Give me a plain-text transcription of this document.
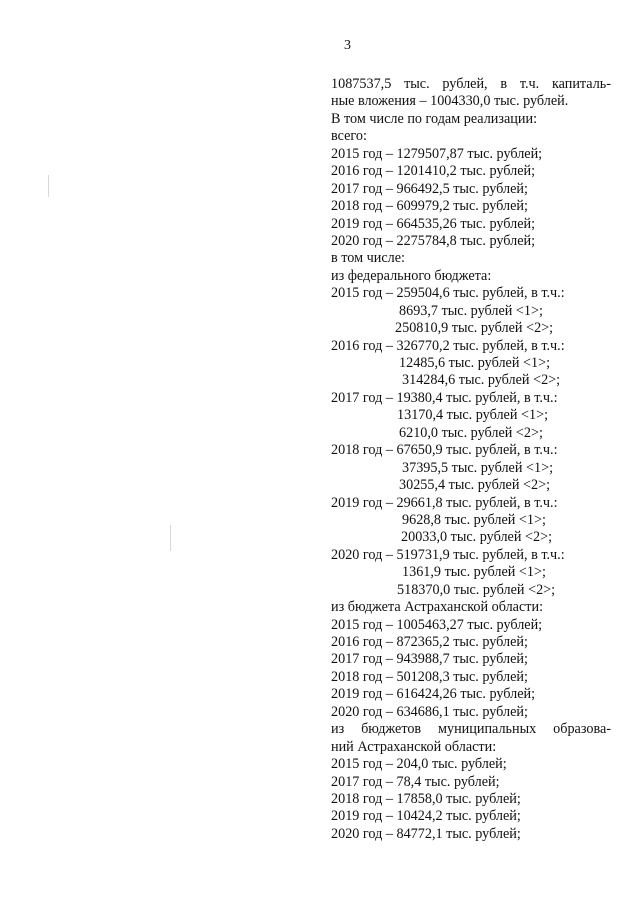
3
1087537,5 тыс. рублей, в т.ч. капиталь-
ные вложения – 1004330,0 тыс. рублей.
В том числе по годам реализации:
всего:
2015 год – 1279507,87 тыс. рублей;
2016 год – 1201410,2 тыс. рублей;
2017 год – 966492,5 тыс. рублей;
2018 год – 609979,2 тыс. рублей;
2019 год – 664535,26 тыс. рублей;
2020 год – 2275784,8 тыс. рублей;
в том числе:
из федерального бюджета:
2015 год – 259504,6 тыс. рублей, в т.ч.:
8693,7 тыс. рублей <1>;
250810,9 тыс. рублей <2>;
2016 год – 326770,2 тыс. рублей, в т.ч.:
12485,6 тыс. рублей <1>;
314284,6 тыс. рублей <2>;
2017 год – 19380,4 тыс. рублей, в т.ч.:
13170,4 тыс. рублей <1>;
6210,0 тыс. рублей <2>;
2018 год – 67650,9 тыс. рублей, в т.ч.:
37395,5 тыс. рублей <1>;
30255,4 тыс. рублей <2>;
2019 год – 29661,8 тыс. рублей, в т.ч.:
9628,8 тыс. рублей <1>;
20033,0 тыс. рублей <2>;
2020 год – 519731,9 тыс. рублей, в т.ч.:
1361,9 тыс. рублей <1>;
518370,0 тыс. рублей <2>;
из бюджета Астраханской области:
2015 год – 1005463,27 тыс. рублей;
2016 год – 872365,2 тыс. рублей;
2017 год – 943988,7 тыс. рублей;
2018 год – 501208,3 тыс. рублей;
2019 год – 616424,26 тыс. рублей;
2020 год – 634686,1 тыс. рублей;
из бюджетов муниципальных образова-
ний Астраханской области:
2015 год – 204,0 тыс. рублей;
2017 год – 78,4 тыс. рублей;
2018 год – 17858,0 тыс. рублей;
2019 год – 10424,2 тыс. рублей;
2020 год – 84772,1 тыс. рублей;
